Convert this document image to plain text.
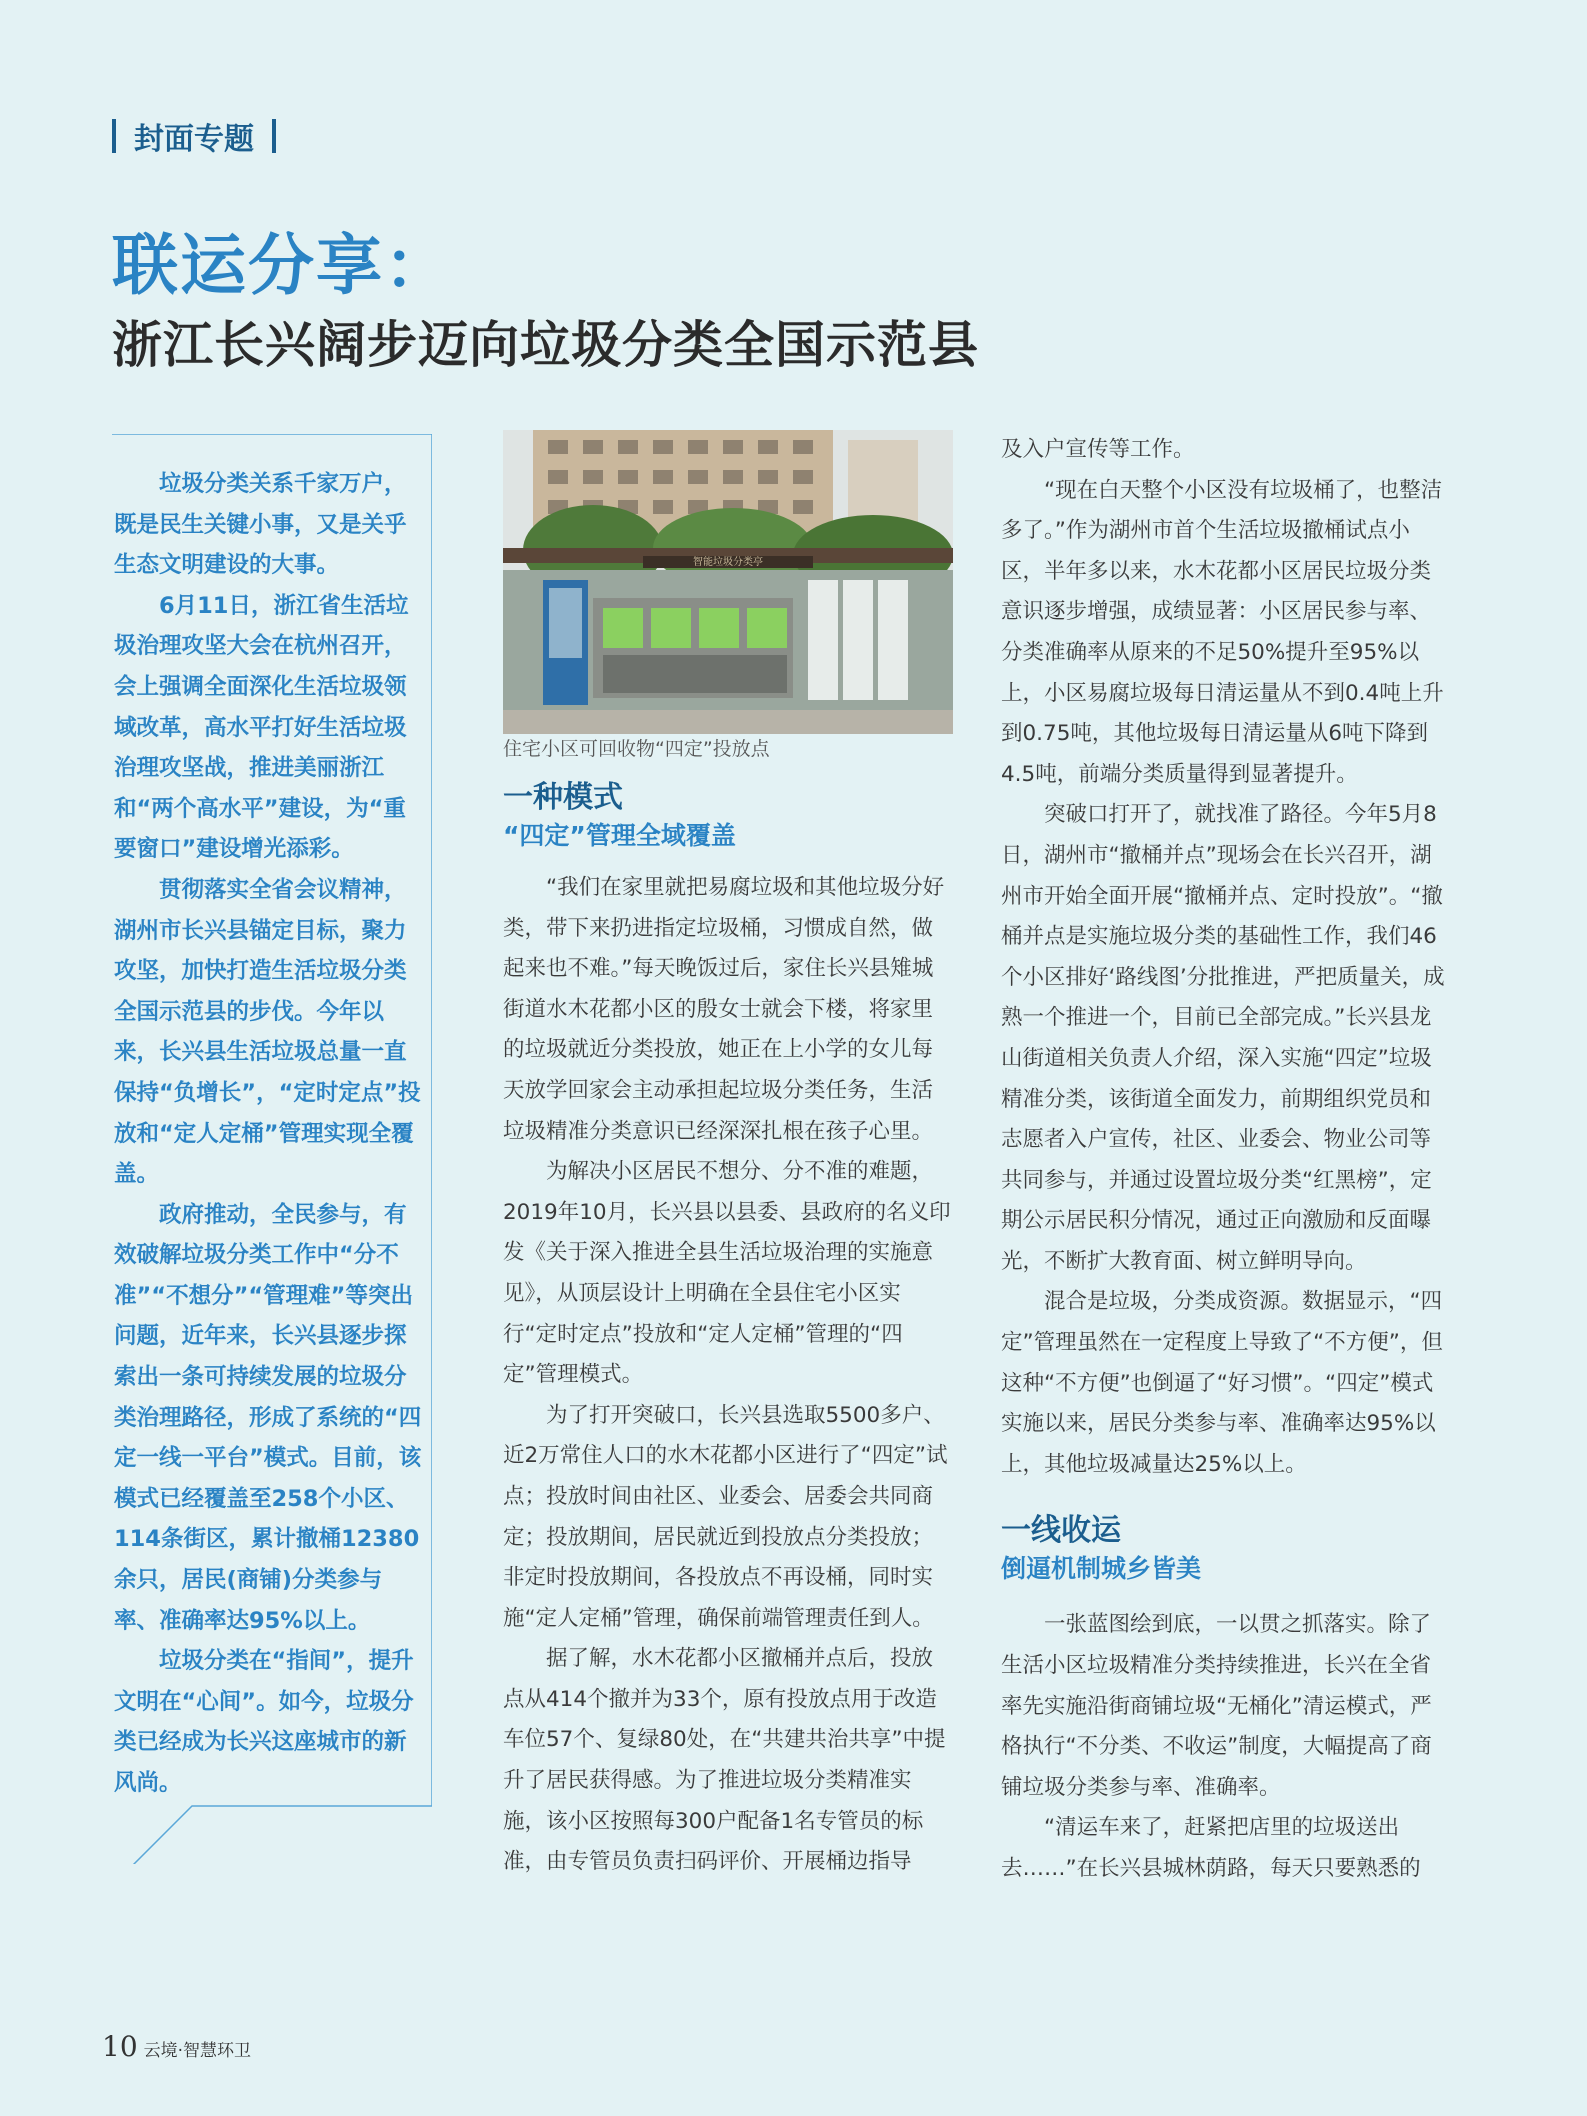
封面专题
联运分享：
浙江长兴阔步迈向垃圾分类全国示范县

垃圾分类关系千家万户，既是民生关键小事，又是关乎生态文明建设的大事。

6月11日，浙江省生活垃圾治理攻坚大会在杭州召开，会上强调全面深化生活垃圾领域改革，高水平打好生活垃圾治理攻坚战，推进美丽浙江和“两个高水平”建设，为“重要窗口”建设增光添彩。

贯彻落实全省会议精神，湖州市长兴县锚定目标，聚力攻坚，加快打造生活垃圾分类全国示范县的步伐。今年以来，长兴县生活垃圾总量一直保持“负增长”，“定时定点”投放和“定人定桶”管理实现全覆盖。

政府推动，全民参与，有效破解垃圾分类工作中“分不准”“不想分”“管理难”等突出问题，近年来，长兴县逐步探索出一条可持续发展的垃圾分类治理路径，形成了系统的“四定一线一平台”模式。目前，该模式已经覆盖至258个小区、114条街区，累计撤桶12380余只，居民(商铺)分类参与率、准确率达95%以上。

垃圾分类在“指间”，提升文明在“心间”。如今，垃圾分类已经成为长兴这座城市的新风尚。

智能垃圾分类亭

住宅小区可回收物“四定”投放点

一种模式

“四定”管理全域覆盖

“我们在家里就把易腐垃圾和其他垃圾分好类，带下来扔进指定垃圾桶，习惯成自然，做起来也不难。”每天晚饭过后，家住长兴县雉城街道水木花都小区的殷女士就会下楼，将家里的垃圾就近分类投放，她正在上小学的女儿每天放学回家会主动承担起垃圾分类任务，生活垃圾精准分类意识已经深深扎根在孩子心里。

为解决小区居民不想分、分不准的难题，2019年10月，长兴县以县委、县政府的名义印发《关于深入推进全县生活垃圾治理的实施意见》，从顶层设计上明确在全县住宅小区实行“定时定点”投放和“定人定桶”管理的“四定”管理模式。

为了打开突破口，长兴县选取5500多户、近2万常住人口的水木花都小区进行了“四定”试点；投放时间由社区、业委会、居委会共同商定；投放期间，居民就近到投放点分类投放；非定时投放期间，各投放点不再设桶，同时实施“定人定桶”管理，确保前端管理责任到人。

据了解，水木花都小区撤桶并点后，投放点从414个撤并为33个，原有投放点用于改造车位57个、复绿80处，在“共建共治共享”中提升了居民获得感。为了推进垃圾分类精准实施，该小区按照每300户配备1名专管员的标准，由专管员负责扫码评价、开展桶边指导

及入户宣传等工作。

“现在白天整个小区没有垃圾桶了，也整洁多了。”作为湖州市首个生活垃圾撤桶试点小区，半年多以来，水木花都小区居民垃圾分类意识逐步增强，成绩显著：小区居民参与率、分类准确率从原来的不足50%提升至95%以上，小区易腐垃圾每日清运量从不到0.4吨上升到0.75吨，其他垃圾每日清运量从6吨下降到4.5吨，前端分类质量得到显著提升。

突破口打开了，就找准了路径。今年5月8日，湖州市“撤桶并点”现场会在长兴召开，湖州市开始全面开展“撤桶并点、定时投放”。“撤桶并点是实施垃圾分类的基础性工作，我们46个小区排好‘路线图’分批推进，严把质量关，成熟一个推进一个，目前已全部完成。”长兴县龙山街道相关负责人介绍，深入实施“四定”垃圾精准分类，该街道全面发力，前期组织党员和志愿者入户宣传，社区、业委会、物业公司等共同参与，并通过设置垃圾分类“红黑榜”，定期公示居民积分情况，通过正向激励和反面曝光，不断扩大教育面、树立鲜明导向。

混合是垃圾，分类成资源。数据显示，“四定”管理虽然在一定程度上导致了“不方便”，但这种“不方便”也倒逼了“好习惯”。“四定”模式实施以来，居民分类参与率、准确率达95%以上，其他垃圾减量达25%以上。

一线收运

倒逼机制城乡皆美

一张蓝图绘到底，一以贯之抓落实。除了生活小区垃圾精准分类持续推进，长兴在全省率先实施沿街商铺垃圾“无桶化”清运模式，严格执行“不分类、不收运”制度，大幅提高了商铺垃圾分类参与率、准确率。

“清运车来了，赶紧把店里的垃圾送出去……”在长兴县城林荫路，每天只要熟悉的

10 云境·智慧环卫
